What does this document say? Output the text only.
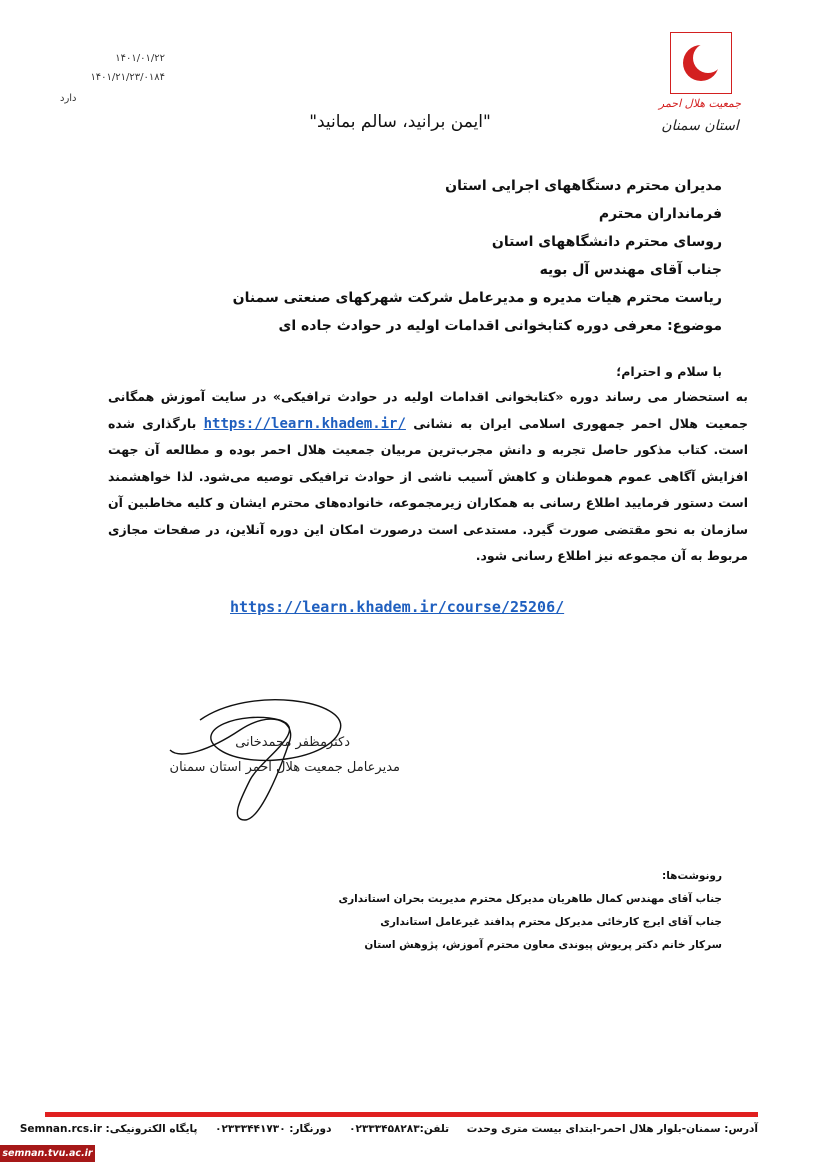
جمعیت هلال احمر
استان سمنان
۱۴۰۱/۰۱/۲۲
۱۴۰۱/۲۱/۲۳/۰۱۸۴
دارد
"ایمن برانید، سالم بمانید"
مدیران محترم دستگاههای اجرایی استان
فرمانداران محترم
روسای محترم دانشگاههای استان
جناب آقای مهندس آل بویه
ریاست محترم هیات مدیره و مدیرعامل شرکت شهرکهای صنعتی سمنان
موضوع: معرفی دوره کتابخوانی اقدامات اولیه در حوادث جاده ای
با سلام و احترام؛
به استحضار می رساند دوره «کتابخوانی اقدامات اولیه در حوادث ترافیکی» در سایت آموزش همگانی جمعیت هلال احمر جمهوری اسلامی ایران به نشانی https://learn.khadem.ir/ بارگذاری شده است. کتاب مذکور حاصل تجربه و دانش مجرب‌ترین مربیان جمعیت هلال احمر بوده و مطالعه آن جهت افزایش آگاهی عموم هموطنان و کاهش آسیب ناشی از حوادث ترافیکی توصیه می‌شود. لذا خواهشمند است دستور فرمایید اطلاع رسانی به همکاران زیرمجموعه، خانواده‌های محترم ایشان و کلیه مخاطبین آن سازمان به نحو مقتضی صورت گیرد. مستدعی است درصورت امکان این دوره آنلاین، در صفحات مجازی مربوط به آن مجموعه نیز اطلاع رسانی شود.
https://learn.khadem.ir/course/25206/
دکترمظفر محمدخانی
مدیرعامل جمعیت هلال احمر استان سمنان
رونوشت‌ها:
جناب آقای مهندس کمال طاهریان مدیرکل محترم مدیریت بحران استانداری
جناب آقای ایرج کارخائی مدیرکل محترم پدافند غیرعامل استانداری
سرکار خانم دکتر پریوش پیوندی معاون محترم آموزش، پژوهش استان
آدرس: سمنان-بلوار هلال احمر-ابتدای بیست متری وحدت تلفن:۰۲۳۳۳۴۵۸۲۸۳ دورنگار: ۰۲۳۳۳۴۴۱۷۳۰ پایگاه الکترونیکی: Semnan.rcs.ir
semnan.tvu.ac.ir
